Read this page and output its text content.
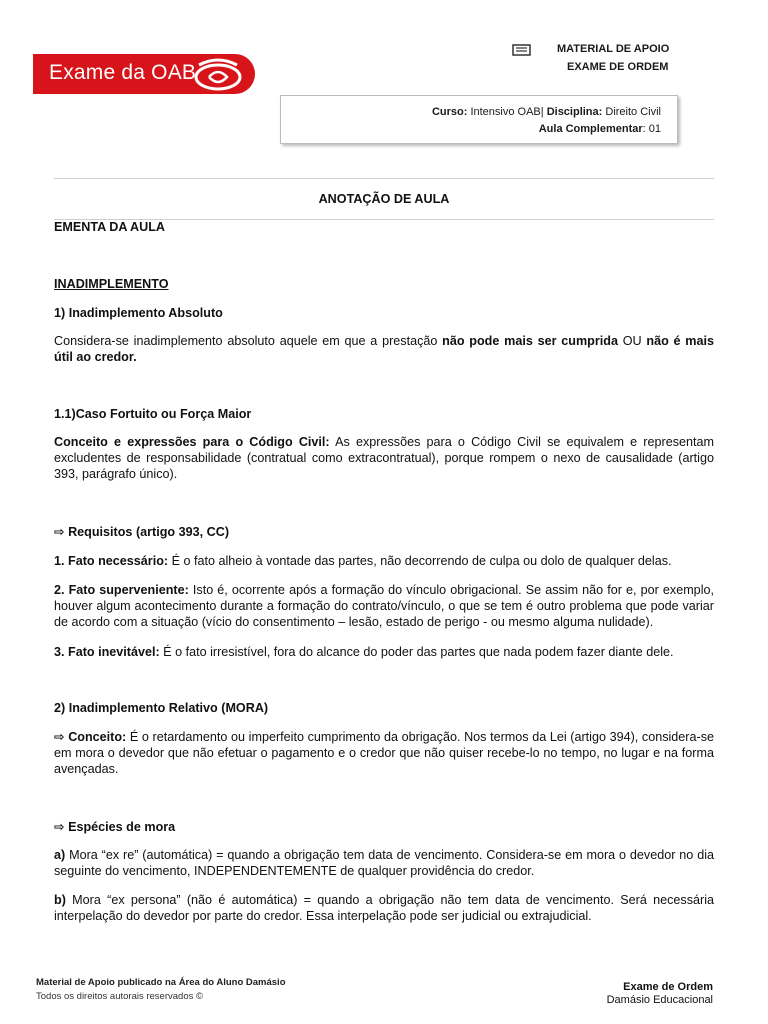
Exame da OAB
MATERIAL DE APOIO
EXAME DE ORDEM
Curso: Intensivo OAB| Disciplina: Direito Civil
Aula Complementar: 01
ANOTAÇÃO DE AULA
EMENTA DA AULA
INADIMPLEMENTO
1) Inadimplemento Absoluto
Considera-se inadimplemento absoluto aquele em que a prestação não pode mais ser cumprida OU não é mais útil ao credor.
1.1)Caso Fortuito ou Força Maior
Conceito e expressões para o Código Civil: As expressões para o Código Civil se equivalem e representam excludentes de responsabilidade (contratual como extracontratual), porque rompem o nexo de causalidade (artigo 393, parágrafo único).
⇨ Requisitos (artigo 393, CC)
1. Fato necessário: É o fato alheio à vontade das partes, não decorrendo de culpa ou dolo de qualquer delas.
2. Fato superveniente: Isto é, ocorrente após a formação do vínculo obrigacional. Se assim não for e, por exemplo, houver algum acontecimento durante a formação do contrato/vínculo, o que se tem é outro problema que pode variar de acordo com a situação (vício do consentimento – lesão, estado de perigo - ou mesmo alguma nulidade).
3. Fato inevitável: É o fato irresistível, fora do alcance do poder das partes que nada podem fazer diante dele.
2) Inadimplemento Relativo (MORA)
⇨ Conceito: É o retardamento ou imperfeito cumprimento da obrigação. Nos termos da Lei (artigo 394), considera-se em mora o devedor que não efetuar o pagamento e o credor que não quiser recebe-lo no tempo, no lugar e na forma avençadas.
⇨ Espécies de mora
a) Mora “ex re” (automática) = quando a obrigação tem data de vencimento. Considera-se em mora o devedor no dia seguinte do vencimento, INDEPENDENTEMENTE de qualquer providência do credor.
b) Mora “ex persona” (não é automática) = quando a obrigação não tem data de vencimento. Será necessária interpelação do devedor por parte do credor. Essa interpelação pode ser judicial ou extrajudicial.
Material de Apoio publicado na Área do Aluno Damásio
Todos os direitos autorais reservados ©
Exame de Ordem
Damásio Educacional
